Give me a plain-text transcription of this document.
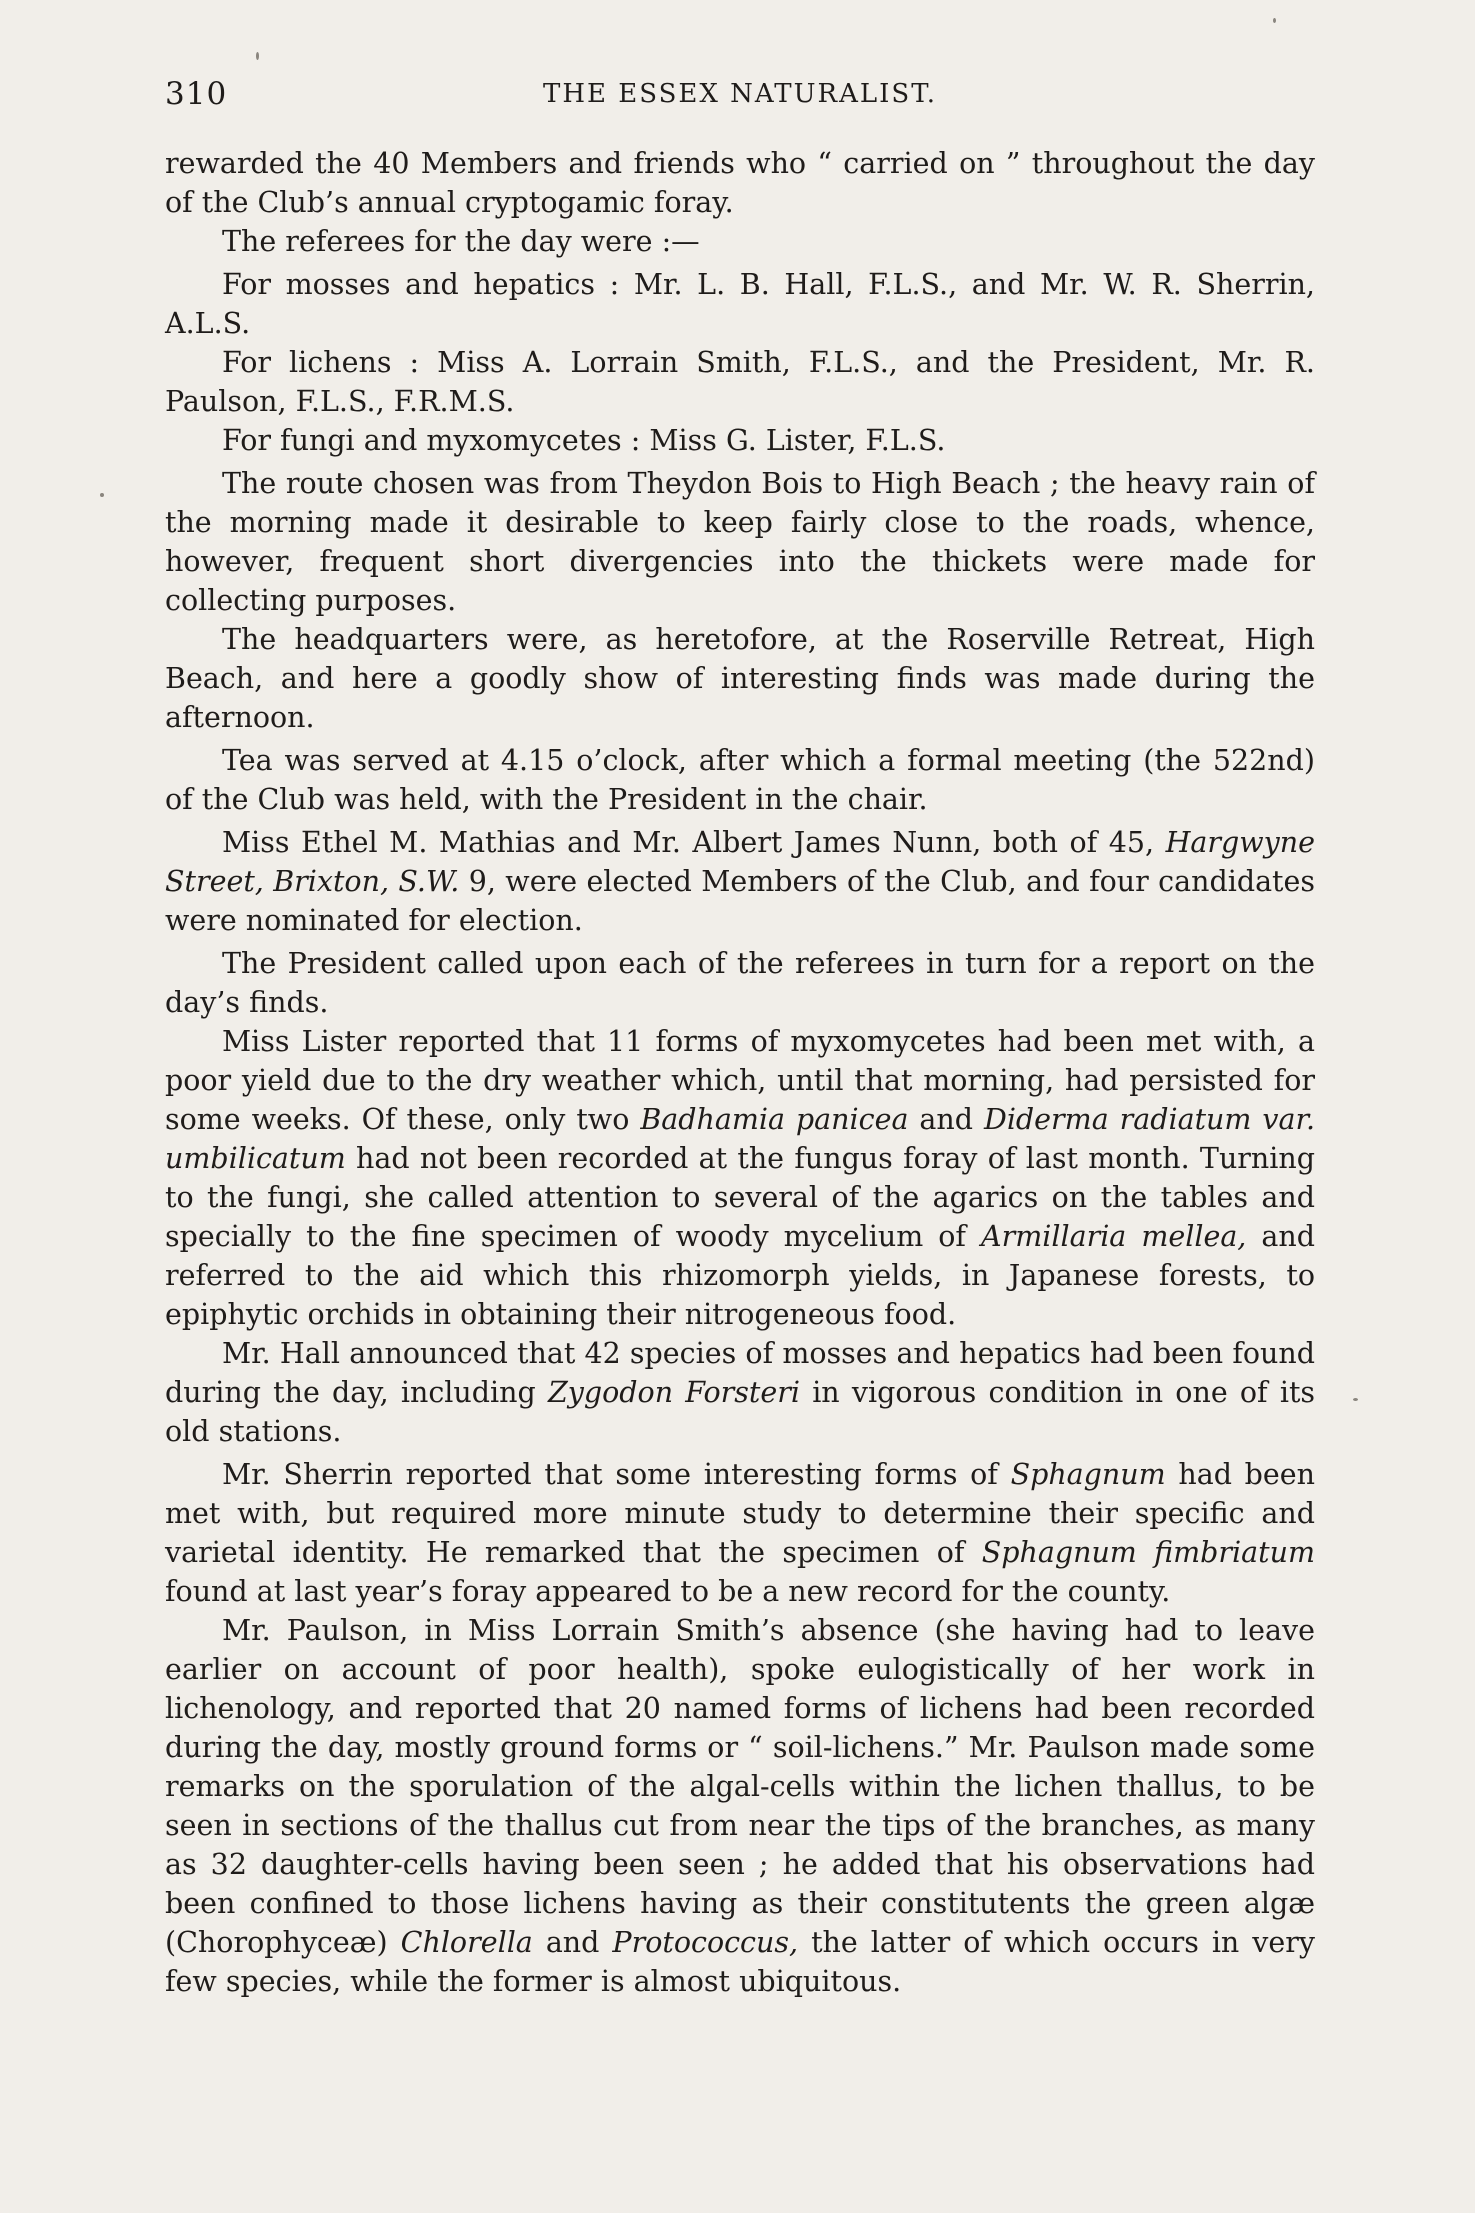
310	THE ESSEX NATURALIST.

rewarded the 40 Members and friends who “ carried on ” throughout the day of the Club’s annual cryptogamic foray.

The referees for the day were :—

For mosses and hepatics : Mr. L. B. Hall, F.L.S., and Mr. W. R. Sherrin, A.L.S.

For lichens : Miss A. Lorrain Smith, F.L.S., and the President, Mr. R. Paulson, F.L.S., F.R.M.S.

For fungi and myxomycetes : Miss G. Lister, F.L.S.

The route chosen was from Theydon Bois to High Beach ; the heavy rain of the morning made it desirable to keep fairly close to the roads, whence, however, frequent short divergencies into the thickets were made for collecting purposes.

The headquarters were, as heretofore, at the Roserville Retreat, High Beach, and here a goodly show of interesting finds was made during the afternoon.

Tea was served at 4.15 o’clock, after which a formal meeting (the 522nd) of the Club was held, with the President in the chair.

Miss Ethel M. Mathias and Mr. Albert James Nunn, both of 45, Hargwyne Street, Brixton, S.W. 9, were elected Members of the Club, and four candidates were nominated for election.

The President called upon each of the referees in turn for a report on the day’s finds.

Miss Lister reported that 11 forms of myxomycetes had been met with, a poor yield due to the dry weather which, until that morning, had persisted for some weeks. Of these, only two Badhamia panicea and Diderma radiatum var. umbilicatum had not been recorded at the fungus foray of last month. Turning to the fungi, she called attention to several of the agarics on the tables and specially to the fine specimen of woody mycelium of Armillaria mellea, and referred to the aid which this rhizomorph yields, in Japanese forests, to epiphytic orchids in obtaining their nitrogeneous food.

Mr. Hall announced that 42 species of mosses and hepatics had been found during the day, including Zygodon Forsteri in vigorous condition in one of its old stations.

Mr. Sherrin reported that some interesting forms of Sphagnum had been met with, but required more minute study to determine their specific and varietal identity. He remarked that the specimen of Sphagnum fimbriatum found at last year’s foray appeared to be a new record for the county.

Mr. Paulson, in Miss Lorrain Smith’s absence (she having had to leave earlier on account of poor health), spoke eulogistically of her work in lichenology, and reported that 20 named forms of lichens had been recorded during the day, mostly ground forms or “ soil-lichens.” Mr. Paulson made some remarks on the sporulation of the algal-cells within the lichen thallus, to be seen in sections of the thallus cut from near the tips of the branches, as many as 32 daughter-cells having been seen ; he added that his observations had been confined to those lichens having as their constitutents the green algæ (Chorophyceæ) Chlorella and Protococcus, the latter of which occurs in very few species, while the former is almost ubiquitous.
